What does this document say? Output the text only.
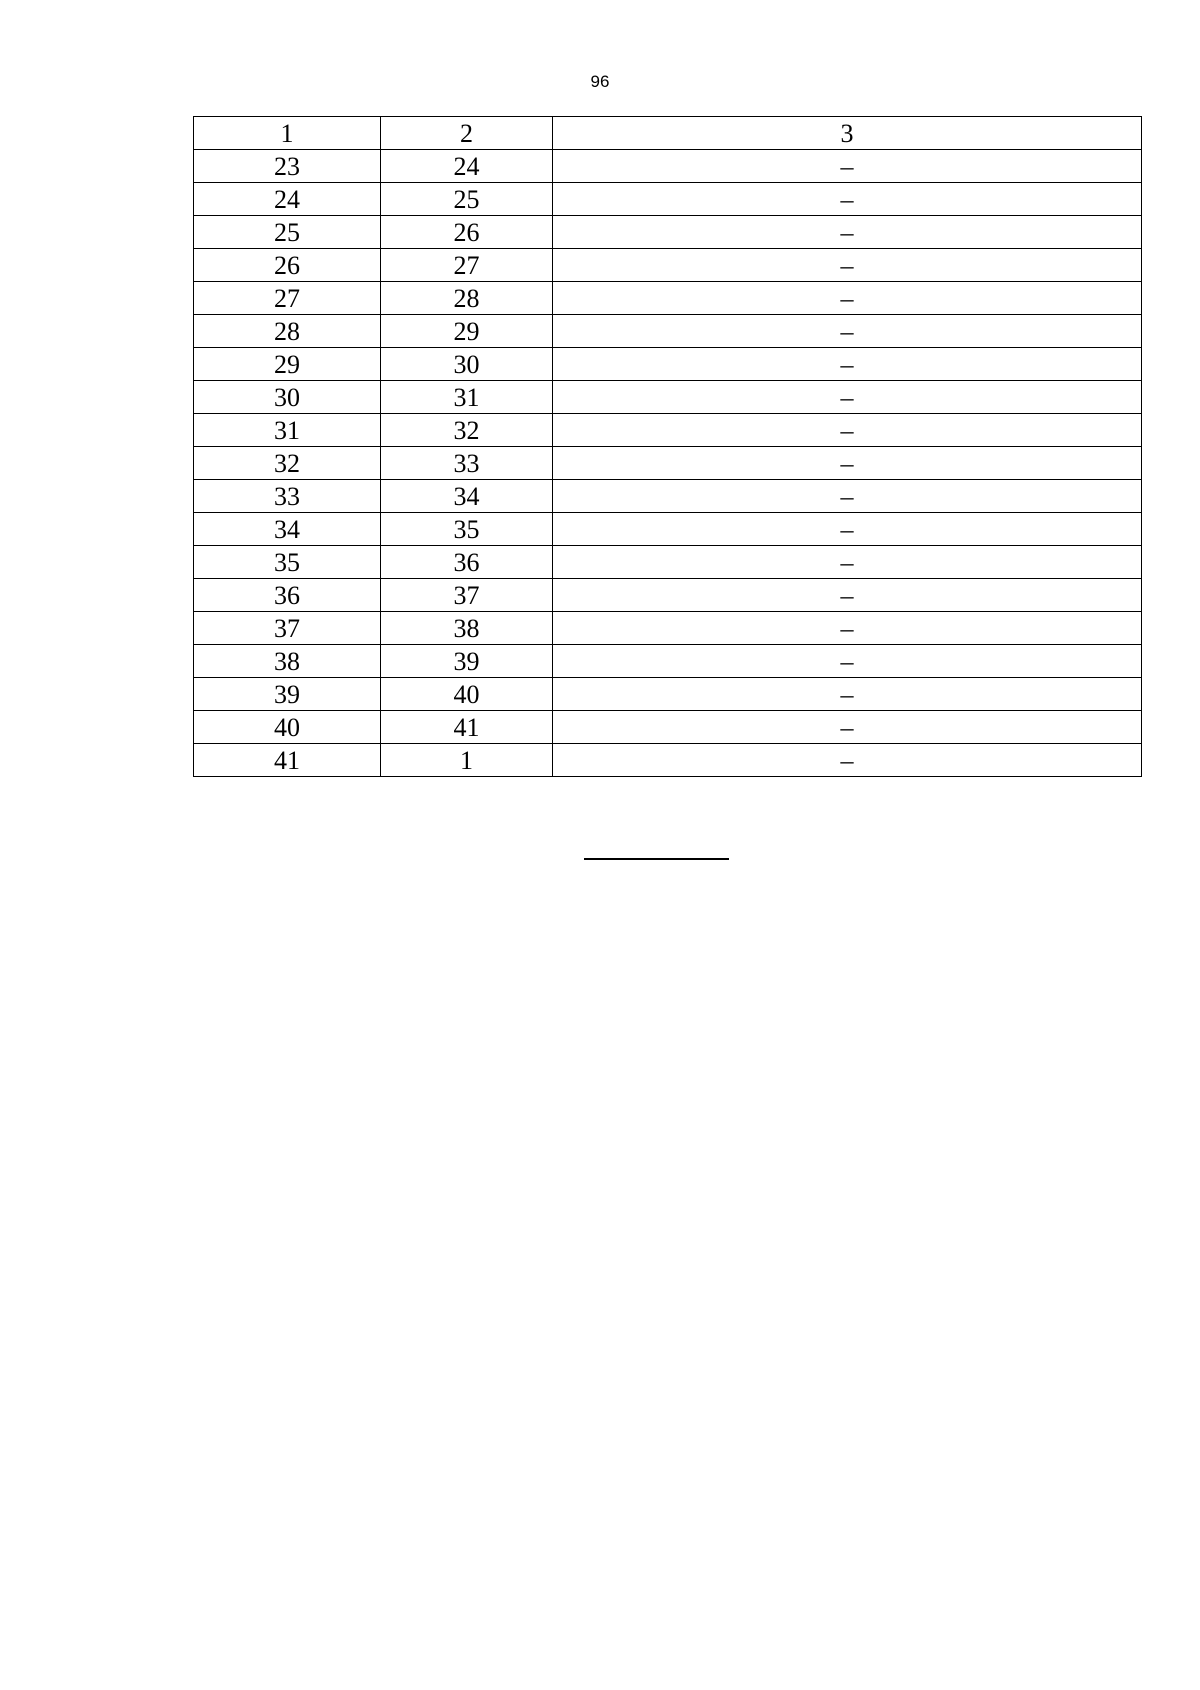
96
1	2	3
23	24	–
24	25	–
25	26	–
26	27	–
27	28	–
28	29	–
29	30	–
30	31	–
31	32	–
32	33	–
33	34	–
34	35	–
35	36	–
36	37	–
37	38	–
38	39	–
39	40	–
40	41	–
41	1	–
